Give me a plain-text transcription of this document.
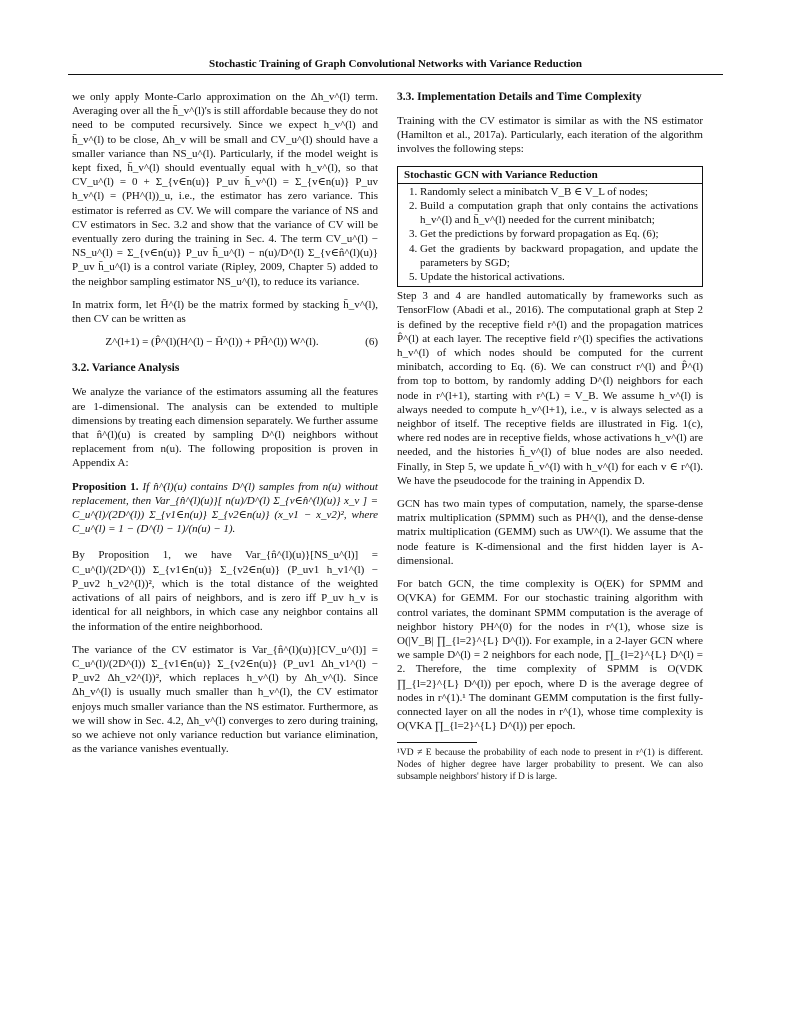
Stochastic Training of Graph Convolutional Networks with Variance Reduction

we only apply Monte-Carlo approximation on the Δh_v^(l) term. Averaging over all the h̄_v^(l)'s is still affordable because they do not need to be computed recursively. Since we expect h_v^(l) and h̄_v^(l) to be close, Δh_v will be small and CV_u^(l) should have a smaller variance than NS_u^(l). Particularly, if the model weight is kept fixed, h̄_v^(l) should eventually equal with h_v^(l), so that CV_u^(l) = 0 + Σ_{v∈n(u)} P_uv h̄_v^(l) = Σ_{v∈n(u)} P_uv h_v^(l) = (PH^(l))_u, i.e., the estimator has zero variance. This estimator is referred as CV. We will compare the variance of NS and CV estimators in Sec. 3.2 and show that the variance of CV will be eventually zero during the training in Sec. 4. The term CV_u^(l) − NS_u^(l) = Σ_{v∈n(u)} P_uv h̄_u^(l) − n(u)/D^(l) Σ_{v∈n̂^(l)(u)} P_uv h̄_u^(l) is a control variate (Ripley, 2009, Chapter 5) added to the neighbor sampling estimator NS_u^(l), to reduce its variance.

In matrix form, let H̄^(l) be the matrix formed by stacking h̄_v^(l), then CV can be written as

Z^(l+1) = (P̂^(l)(H^(l) − H̄^(l)) + PH̄^(l)) W^(l).	(6)
3.2. Variance Analysis

We analyze the variance of the estimators assuming all the features are 1-dimensional. The analysis can be extended to multiple dimensions by treating each dimension separately. We further assume that n̂^(l)(u) is created by sampling D^(l) neighbors without replacement from n(u). The following proposition is proven in Appendix A:

Proposition 1. If n̂^(l)(u) contains D^(l) samples from n(u) without replacement, then Var_{n̂^(l)(u)}[ n(u)/D^(l) Σ_{v∈n̂^(l)(u)} x_v ] = C_u^(l)/(2D^(l)) Σ_{v1∈n(u)} Σ_{v2∈n(u)} (x_v1 − x_v2)², where C_u^(l) = 1 − (D^(l) − 1)/(n(u) − 1).

By Proposition 1, we have Var_{n̂^(l)(u)}[NS_u^(l)] = C_u^(l)/(2D^(l)) Σ_{v1∈n(u)} Σ_{v2∈n(u)} (P_uv1 h_v1^(l) − P_uv2 h_v2^(l))², which is the total distance of the weighted activations of all pairs of neighbors, and is zero iff P_uv h_v is identical for all neighbors, in which case any neighbor contains all the information of the entire neighborhood.

The variance of the CV estimator is Var_{n̂^(l)(u)}[CV_u^(l)] = C_u^(l)/(2D^(l)) Σ_{v1∈n(u)} Σ_{v2∈n(u)} (P_uv1 Δh_v1^(l) − P_uv2 Δh_v2^(l))², which replaces h_v^(l) by Δh_v^(l). Since Δh_v^(l) is usually much smaller than h_v^(l), the CV estimator enjoys much smaller variance than the NS estimator. Furthermore, as we will show in Sec. 4.2, Δh_v^(l) converges to zero during training, so we achieve not only variance reduction but variance elimination, as the variance vanishes eventually.

3.3. Implementation Details and Time Complexity

Training with the CV estimator is similar as with the NS estimator (Hamilton et al., 2017a). Particularly, each iteration of the algorithm involves the following steps:

Stochastic GCN with Variance Reduction
1. Randomly select a minibatch V_B ∈ V_L of nodes;
2. Build a computation graph that only contains the activations h_v^(l) and h̄_v^(l) needed for the current minibatch;
3. Get the predictions by forward propagation as Eq. (6);
4. Get the gradients by backward propagation, and update the parameters by SGD;
5. Update the historical activations.

Step 3 and 4 are handled automatically by frameworks such as TensorFlow (Abadi et al., 2016). The computational graph at Step 2 is defined by the receptive field r^(l) and the propagation matrices P̂^(l) at each layer. The receptive field r^(l) specifies the activations h_v^(l) of which nodes should be computed for the current minibatch, according to Eq. (6). We can construct r^(l) and P̂^(l) from top to bottom, by randomly adding D^(l) neighbors for each node in r^(l+1), starting with r^(L) = V_B. We assume h_v^(l) is always needed to compute h_v^(l+1), i.e., v is always selected as a neighbor of itself. The receptive fields are illustrated in Fig. 1(c), where red nodes are in receptive fields, whose activations h_v^(l) are needed, and the histories h̄_v^(l) of blue nodes are also needed. Finally, in Step 5, we update h̄_v^(l) with h_v^(l) for each v ∈ r^(l). We have the pseudocode for the training in Appendix D.

GCN has two main types of computation, namely, the sparse-dense matrix multiplication (SPMM) such as PH^(l), and the dense-dense matrix multiplication (GEMM) such as UW^(l). We assume that the node feature is K-dimensional and the first hidden layer is A-dimensional.

For batch GCN, the time complexity is O(EK) for SPMM and O(VKA) for GEMM. For our stochastic training algorithm with control variates, the dominant SPMM computation is the average of neighbor history PH^(0) for the nodes in r^(1), whose size is O(|V_B| ∏_{l=2}^{L} D^(l)). For example, in a 2-layer GCN where we sample D^(l) = 2 neighbors for each node, ∏_{l=2}^{L} D^(l) = 2. Therefore, the time complexity of SPMM is O(VDK ∏_{l=2}^{L} D^(l)) per epoch, where D is the average degree of nodes in r^(1).¹ The dominant GEMM computation is the first fully-connected layer on all the nodes in r^(1), whose time complexity is O(VKA ∏_{l=2}^{L} D^(l)) per epoch.

¹VD ≠ E because the probability of each node to present in r^(1) is different. Nodes of higher degree have larger probability to present. We can also subsample neighbors' history if D is large.
